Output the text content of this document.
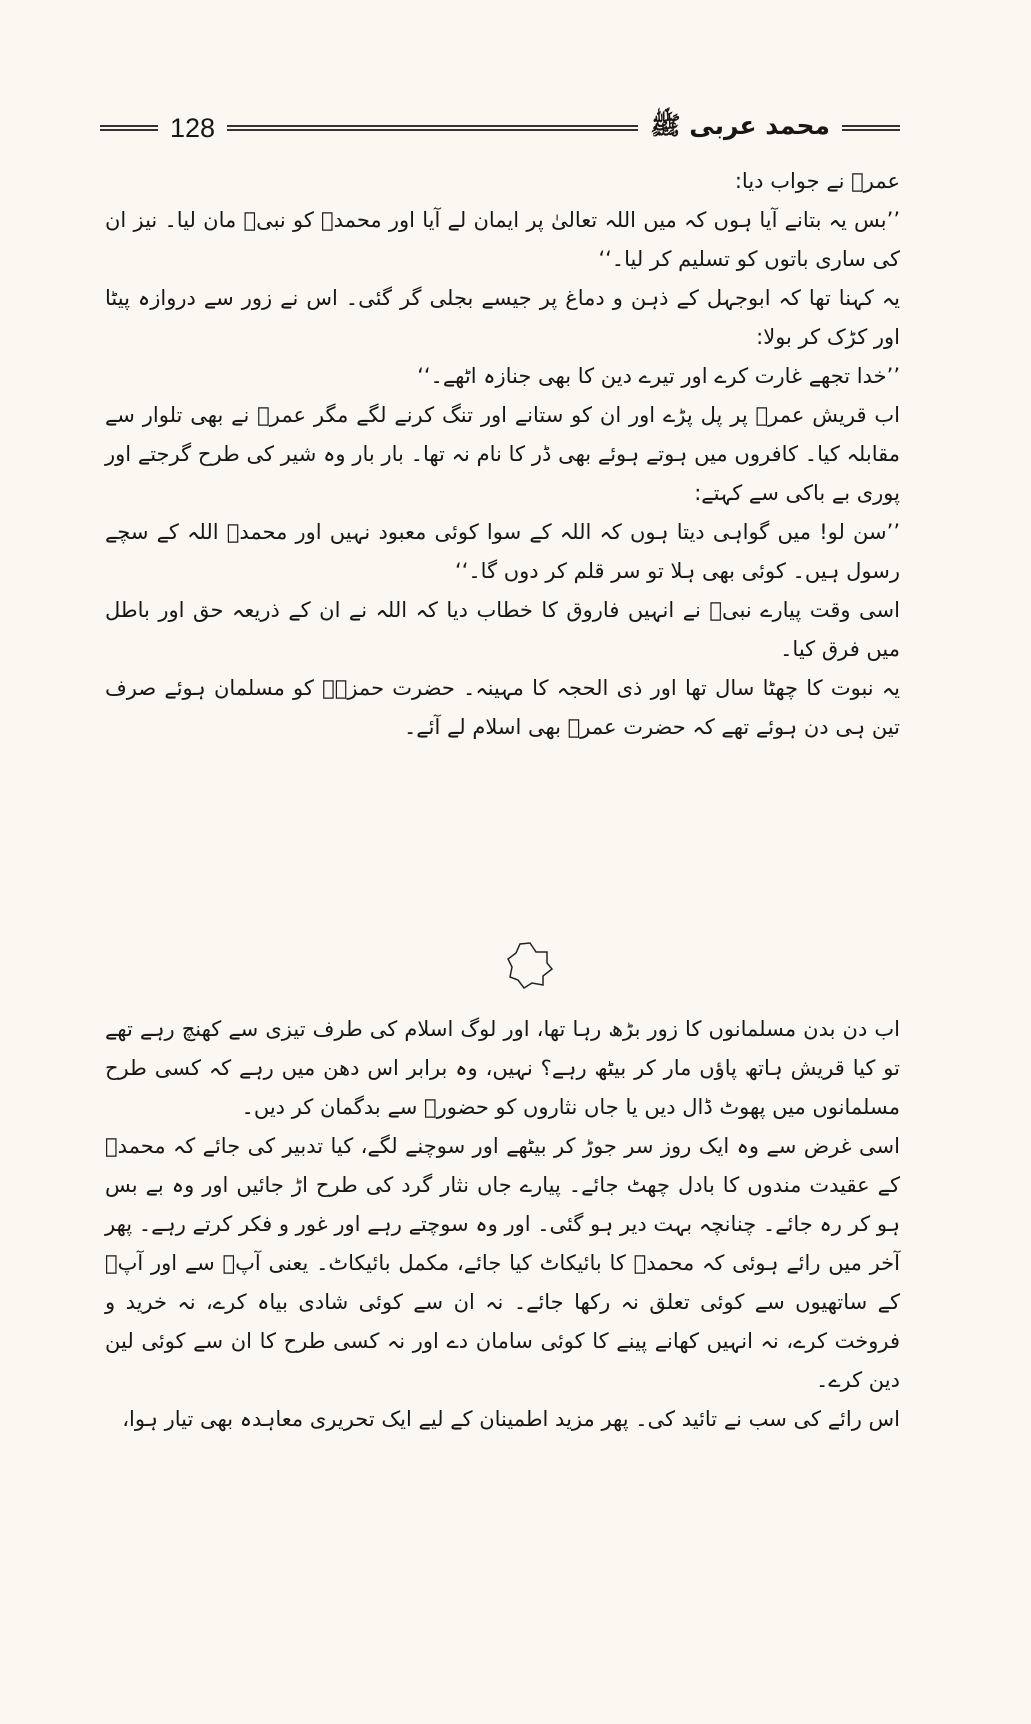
128	محمد عربی ﷺ

عمرؓ نے جواب دیا:

’’بس یہ بتانے آیا ہوں کہ میں اللہ تعالیٰ پر ایمان لے آیا اور محمدؐ کو نبیؐ مان لیا۔ نیز ان کی ساری باتوں کو تسلیم کر لیا۔‘‘

یہ کہنا تھا کہ ابوجہل کے ذہن و دماغ پر جیسے بجلی گر گئی۔ اس نے زور سے دروازہ پیٹا اور کڑک کر بولا:

’’خدا تجھے غارت کرے اور تیرے دین کا بھی جنازہ اٹھے۔‘‘

اب قریش عمرؓ پر پل پڑے اور ان کو ستانے اور تنگ کرنے لگے مگر عمرؓ نے بھی تلوار سے مقابلہ کیا۔ کافروں میں ہوتے ہوئے بھی ڈر کا نام نہ تھا۔ بار بار وہ شیر کی طرح گرجتے اور پوری بے باکی سے کہتے:

’’سن لو! میں گواہی دیتا ہوں کہ اللہ کے سوا کوئی معبود نہیں اور محمدؐ اللہ کے سچے رسول ہیں۔ کوئی بھی ہلا تو سر قلم کر دوں گا۔‘‘

اسی وقت پیارے نبیؐ نے انہیں فاروق کا خطاب دیا کہ اللہ نے ان کے ذریعہ حق اور باطل میں فرق کیا۔

یہ نبوت کا چھٹا سال تھا اور ذی الحجہ کا مہینہ۔ حضرت حمزہؓ کو مسلمان ہوئے صرف تین ہی دن ہوئے تھے کہ حضرت عمرؓ بھی اسلام لے آئے۔

اب دن بدن مسلمانوں کا زور بڑھ رہا تھا، اور لوگ اسلام کی طرف تیزی سے کھنچ رہے تھے تو کیا قریش ہاتھ پاؤں مار کر بیٹھ رہے؟ نہیں، وہ برابر اس دھن میں رہے کہ کسی طرح مسلمانوں میں پھوٹ ڈال دیں یا جاں نثاروں کو حضورؐ سے بدگمان کر دیں۔

اسی غرض سے وہ ایک روز سر جوڑ کر بیٹھے اور سوچنے لگے، کیا تدبیر کی جائے کہ محمدؐ کے عقیدت مندوں کا بادل چھٹ جائے۔ پیارے جاں نثار گرد کی طرح اڑ جائیں اور وہ بے بس ہو کر رہ جائے۔ چنانچہ بہت دیر ہو گئی۔ اور وہ سوچتے رہے اور غور و فکر کرتے رہے۔ پھر آخر میں رائے ہوئی کہ محمدؐ کا بائیکاٹ کیا جائے، مکمل بائیکاٹ۔ یعنی آپؐ سے اور آپؐ کے ساتھیوں سے کوئی تعلق نہ رکھا جائے۔ نہ ان سے کوئی شادی بیاہ کرے، نہ خرید و فروخت کرے، نہ انہیں کھانے پینے کا کوئی سامان دے اور نہ کسی طرح کا ان سے کوئی لین دین کرے۔

اس رائے کی سب نے تائید کی۔ پھر مزید اطمینان کے لیے ایک تحریری معاہدہ بھی تیار ہوا،
